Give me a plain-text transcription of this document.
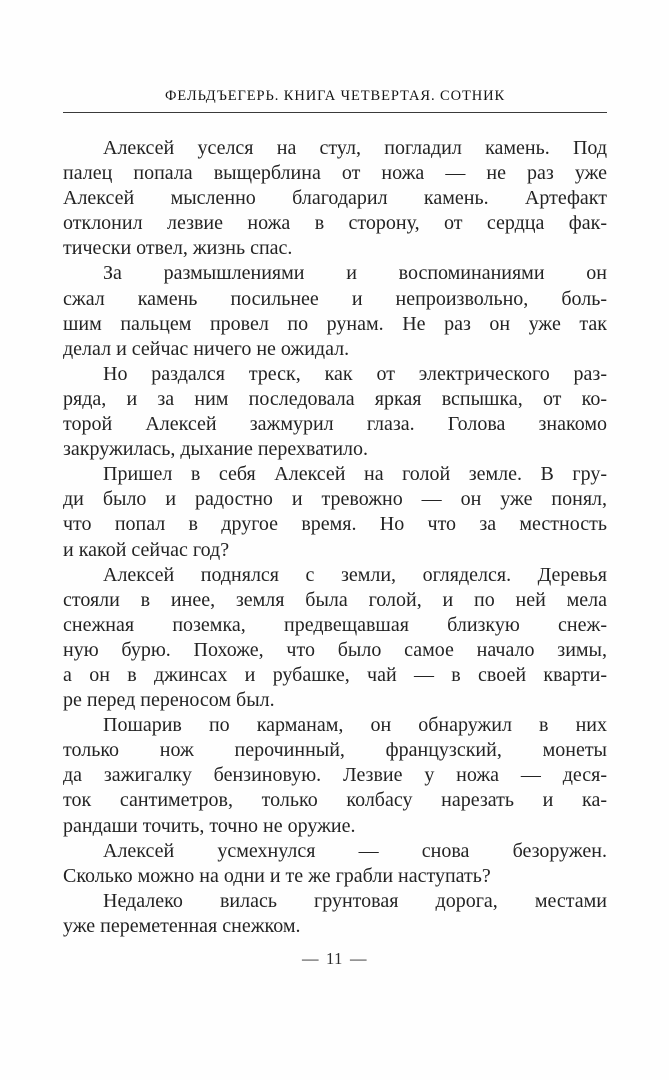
ФЕЛЬДЪЕГЕРЬ. КНИГА ЧЕТВЕРТАЯ. СОТНИК
Алексей уселся на стул, погладил камень. Под
палец попала выщерблина от ножа — не раз уже
Алексей мысленно благодарил камень. Артефакт
отклонил лезвие ножа в сторону, от сердца фак-
тически отвел, жизнь спас.
За размышлениями и воспоминаниями он
сжал камень посильнее и непроизвольно, боль-
шим пальцем провел по рунам. Не раз он уже так
делал и сейчас ничего не ожидал.
Но раздался треск, как от электрического раз-
ряда, и за ним последовала яркая вспышка, от ко-
торой Алексей зажмурил глаза. Голова знакомо
закружилась, дыхание перехватило.
Пришел в себя Алексей на голой земле. В гру-
ди было и радостно и тревожно — он уже понял,
что попал в другое время. Но что за местность
и какой сейчас год?
Алексей поднялся с земли, огляделся. Деревья
стояли в инее, земля была голой, и по ней мела
снежная поземка, предвещавшая близкую снеж-
ную бурю. Похоже, что было самое начало зимы,
а он в джинсах и рубашке, чай — в своей кварти-
ре перед переносом был.
Пошарив по карманам, он обнаружил в них
только нож перочинный, французский, монеты
да зажигалку бензиновую. Лезвие у ножа — деся-
ток сантиметров, только колбасу нарезать и ка-
рандаши точить, точно не оружие.
Алексей усмехнулся — снова безоружен.
Сколько можно на одни и те же грабли наступать?
Недалеко вилась грунтовая дорога, местами
уже переметенная снежком.
— 11 —
